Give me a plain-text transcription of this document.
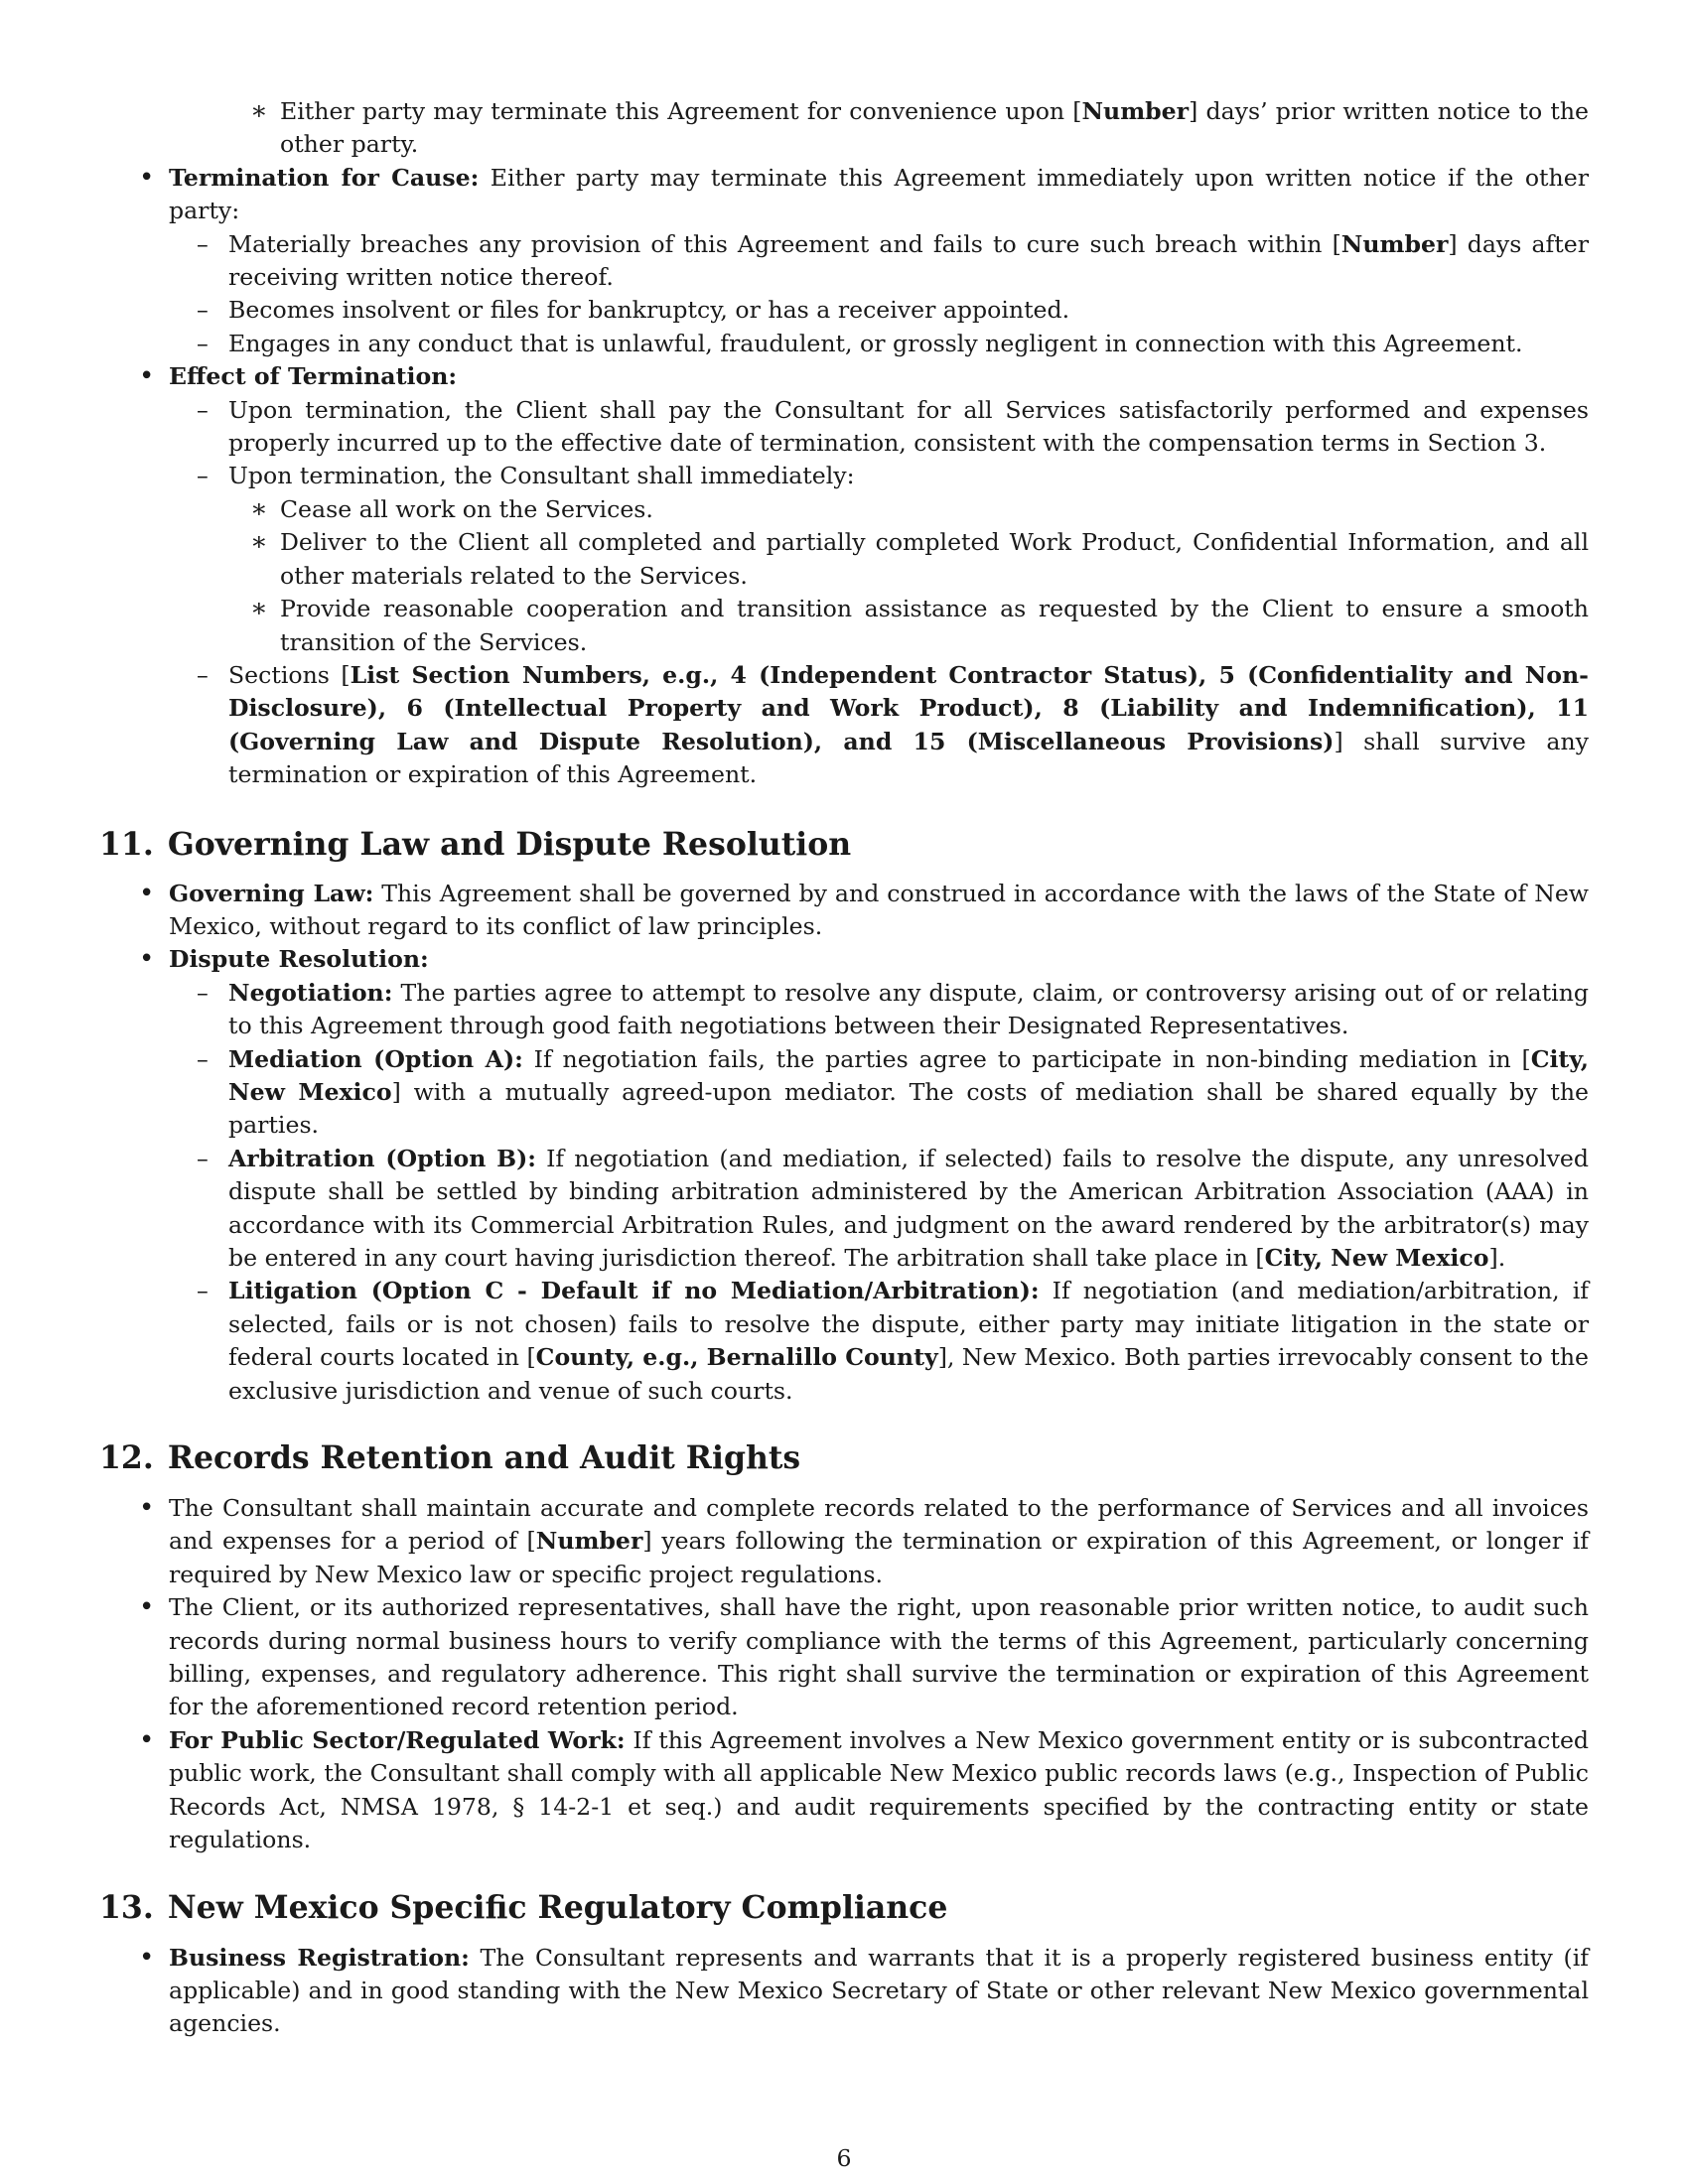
∗ Either party may terminate this Agreement for convenience upon [Number] days’ prior written notice to the other party.
• Termination for Cause: Either party may terminate this Agreement immediately upon written notice if the other party:
– Materially breaches any provision of this Agreement and fails to cure such breach within [Number] days after receiving written notice thereof.
– Becomes insolvent or files for bankruptcy, or has a receiver appointed.
– Engages in any conduct that is unlawful, fraudulent, or grossly negligent in connection with this Agreement.
• Effect of Termination:
– Upon termination, the Client shall pay the Consultant for all Services satisfactorily performed and expenses properly incurred up to the effective date of termination, consistent with the compensation terms in Section 3.
– Upon termination, the Consultant shall immediately:
∗ Cease all work on the Services.
∗ Deliver to the Client all completed and partially completed Work Product, Confidential Information, and all other materials related to the Services.
∗ Provide reasonable cooperation and transition assistance as requested by the Client to ensure a smooth transition of the Services.
– Sections [List Section Numbers, e.g., 4 (Independent Contractor Status), 5 (Confidentiality and Non-Disclosure), 6 (Intellectual Property and Work Product), 8 (Liability and Indemnification), 11 (Governing Law and Dispute Resolution), and 15 (Miscellaneous Provisions)] shall survive any termination or expiration of this Agreement.
11. Governing Law and Dispute Resolution
• Governing Law: This Agreement shall be governed by and construed in accordance with the laws of the State of New Mexico, without regard to its conflict of law principles.
• Dispute Resolution:
– Negotiation: The parties agree to attempt to resolve any dispute, claim, or controversy arising out of or relating to this Agreement through good faith negotiations between their Designated Representatives.
– Mediation (Option A): If negotiation fails, the parties agree to participate in non-binding mediation in [City, New Mexico] with a mutually agreed-upon mediator. The costs of mediation shall be shared equally by the parties.
– Arbitration (Option B): If negotiation (and mediation, if selected) fails to resolve the dispute, any unresolved dispute shall be settled by binding arbitration administered by the American Arbitration Association (AAA) in accordance with its Commercial Arbitration Rules, and judgment on the award rendered by the arbitrator(s) may be entered in any court having jurisdiction thereof. The arbitration shall take place in [City, New Mexico].
– Litigation (Option C - Default if no Mediation/Arbitration): If negotiation (and mediation/arbitration, if selected, fails or is not chosen) fails to resolve the dispute, either party may initiate litigation in the state or federal courts located in [County, e.g., Bernalillo County], New Mexico. Both parties irrevocably consent to the exclusive jurisdiction and venue of such courts.
12. Records Retention and Audit Rights
• The Consultant shall maintain accurate and complete records related to the performance of Services and all invoices and expenses for a period of [Number] years following the termination or expiration of this Agreement, or longer if required by New Mexico law or specific project regulations.
• The Client, or its authorized representatives, shall have the right, upon reasonable prior written notice, to audit such records during normal business hours to verify compliance with the terms of this Agreement, particularly concerning billing, expenses, and regulatory adherence. This right shall survive the termination or expiration of this Agreement for the aforementioned record retention period.
• For Public Sector/Regulated Work: If this Agreement involves a New Mexico government entity or is subcontracted public work, the Consultant shall comply with all applicable New Mexico public records laws (e.g., Inspection of Public Records Act, NMSA 1978, § 14-2-1 et seq.) and audit requirements specified by the contracting entity or state regulations.
13. New Mexico Specific Regulatory Compliance
• Business Registration: The Consultant represents and warrants that it is a properly registered business entity (if applicable) and in good standing with the New Mexico Secretary of State or other relevant New Mexico governmental agencies.
6
